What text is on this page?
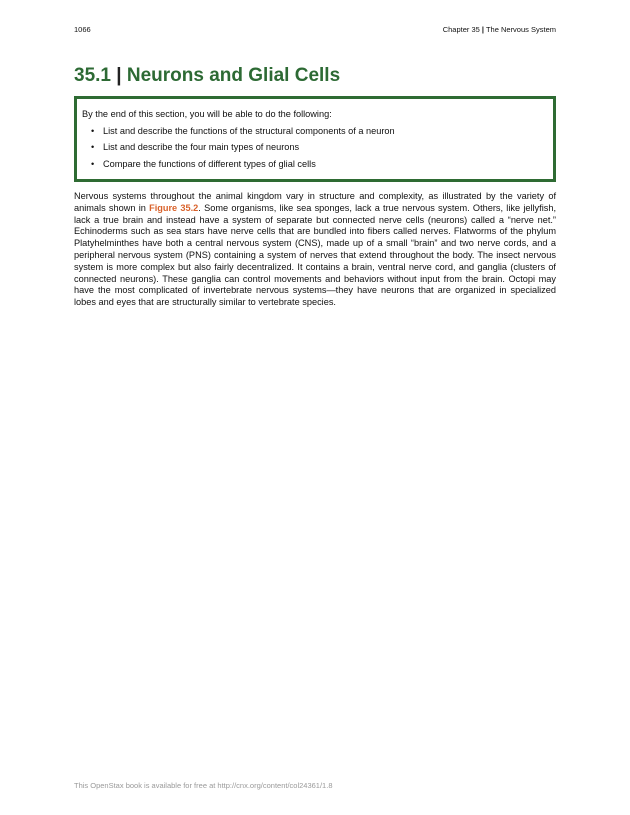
1066	Chapter 35 | The Nervous System
35.1 | Neurons and Glial Cells
By the end of this section, you will be able to do the following:
• List and describe the functions of the structural components of a neuron
• List and describe the four main types of neurons
• Compare the functions of different types of glial cells

Nervous systems throughout the animal kingdom vary in structure and complexity, as illustrated by the variety of animals shown in Figure 35.2. Some organisms, like sea sponges, lack a true nervous system. Others, like jellyfish, lack a true brain and instead have a system of separate but connected nerve cells (neurons) called a “nerve net.” Echinoderms such as sea stars have nerve cells that are bundled into fibers called nerves. Flatworms of the phylum Platyhelminthes have both a central nervous system (CNS), made up of a small “brain” and two nerve cords, and a peripheral nervous system (PNS) containing a system of nerves that extend throughout the body. The insect nervous system is more complex but also fairly decentralized. It contains a brain, ventral nerve cord, and ganglia (clusters of connected neurons). These ganglia can control movements and behaviors without input from the brain. Octopi may have the most complicated of invertebrate nervous systems—they have neurons that are organized in specialized lobes and eyes that are structurally similar to vertebrate species.

This OpenStax book is available for free at http://cnx.org/content/col24361/1.8
